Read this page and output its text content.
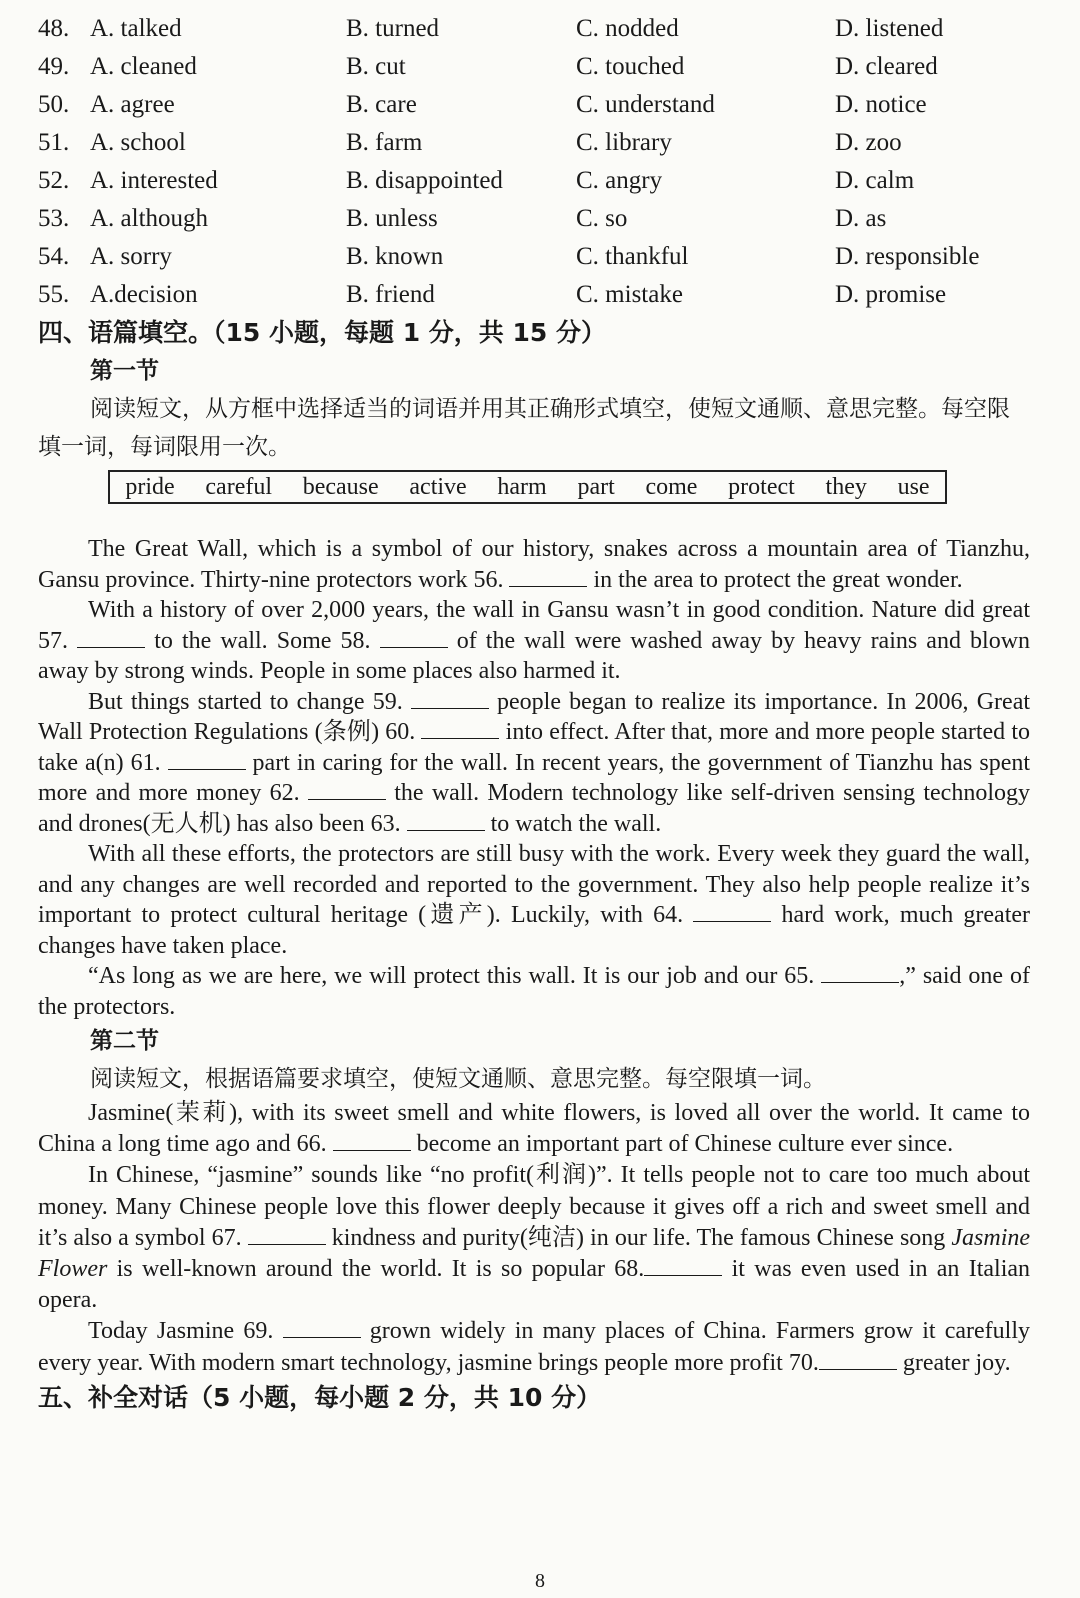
48. A. talked	B. turned	C. nodded	D. listened
49. A. cleaned	B. cut	C. touched	D. cleared
50. A. agree	B. care	C. understand	D. notice
51. A. school	B. farm	C. library	D. zoo
52. A. interested	B. disappointed	C. angry	D. calm
53. A. although	B. unless	C. so	D. as
54. A. sorry	B. known	C. thankful	D. responsible
55. A.decision	B. friend	C. mistake	D. promise
四、语篇填空。（15 小题，每题 1 分，共 15 分）
第一节
阅读短文，从方框中选择适当的词语并用其正确形式填空，使短文通顺、意思完整。每空限填一词，每词限用一次。
pride careful because active harm part come protect they use

The Great Wall, which is a symbol of our history, snakes across a mountain area of Tianzhu, Gansu province. Thirty-nine protectors work 56.	in the area to protect the great wonder.

With a history of over 2,000 years, the wall in Gansu wasn’t in good condition. Nature did great 57.	to the wall. Some 58.	of the wall were washed away by heavy rains and blown away by strong winds. People in some places also harmed it.

But things started to change 59.	people began to realize its importance. In 2006, Great Wall Protection Regulations (条例) 60.	into effect. After that, more and more people started to take a(n) 61.	part in caring for the wall. In recent years, the government of Tianzhu has spent more and more money 62.	the wall. Modern technology like self-driven sensing technology and drones(无人机) has also been 63.	to watch the wall.

With all these efforts, the protectors are still busy with the work. Every week they guard the wall, and any changes are well recorded and reported to the government. They also help people realize it’s important to protect cultural heritage (遗产). Luckily, with 64.	hard work, much greater changes have taken place.

“As long as we are here, we will protect this wall. It is our job and our 65.	,” said one of the protectors.

第二节
阅读短文，根据语篇要求填空，使短文通顺、意思完整。每空限填一词。

Jasmine(茉莉), with its sweet smell and white flowers, is loved all over the world. It came to China a long time ago and 66.	become an important part of Chinese culture ever since.

In Chinese, “jasmine” sounds like “no profit(利润)”. It tells people not to care too much about money. Many Chinese people love this flower deeply because it gives off a rich and sweet smell and it’s also a symbol 67.	kindness and purity(纯洁) in our life. The famous Chinese song Jasmine Flower is well-known around the world. It is so popular 68.	it was even used in an Italian opera.

Today Jasmine 69.	grown widely in many places of China. Farmers grow it carefully every year. With modern smart technology, jasmine brings people more profit 70.	greater joy.

五、补全对话（5 小题，每小题 2 分，共 10 分）
8
